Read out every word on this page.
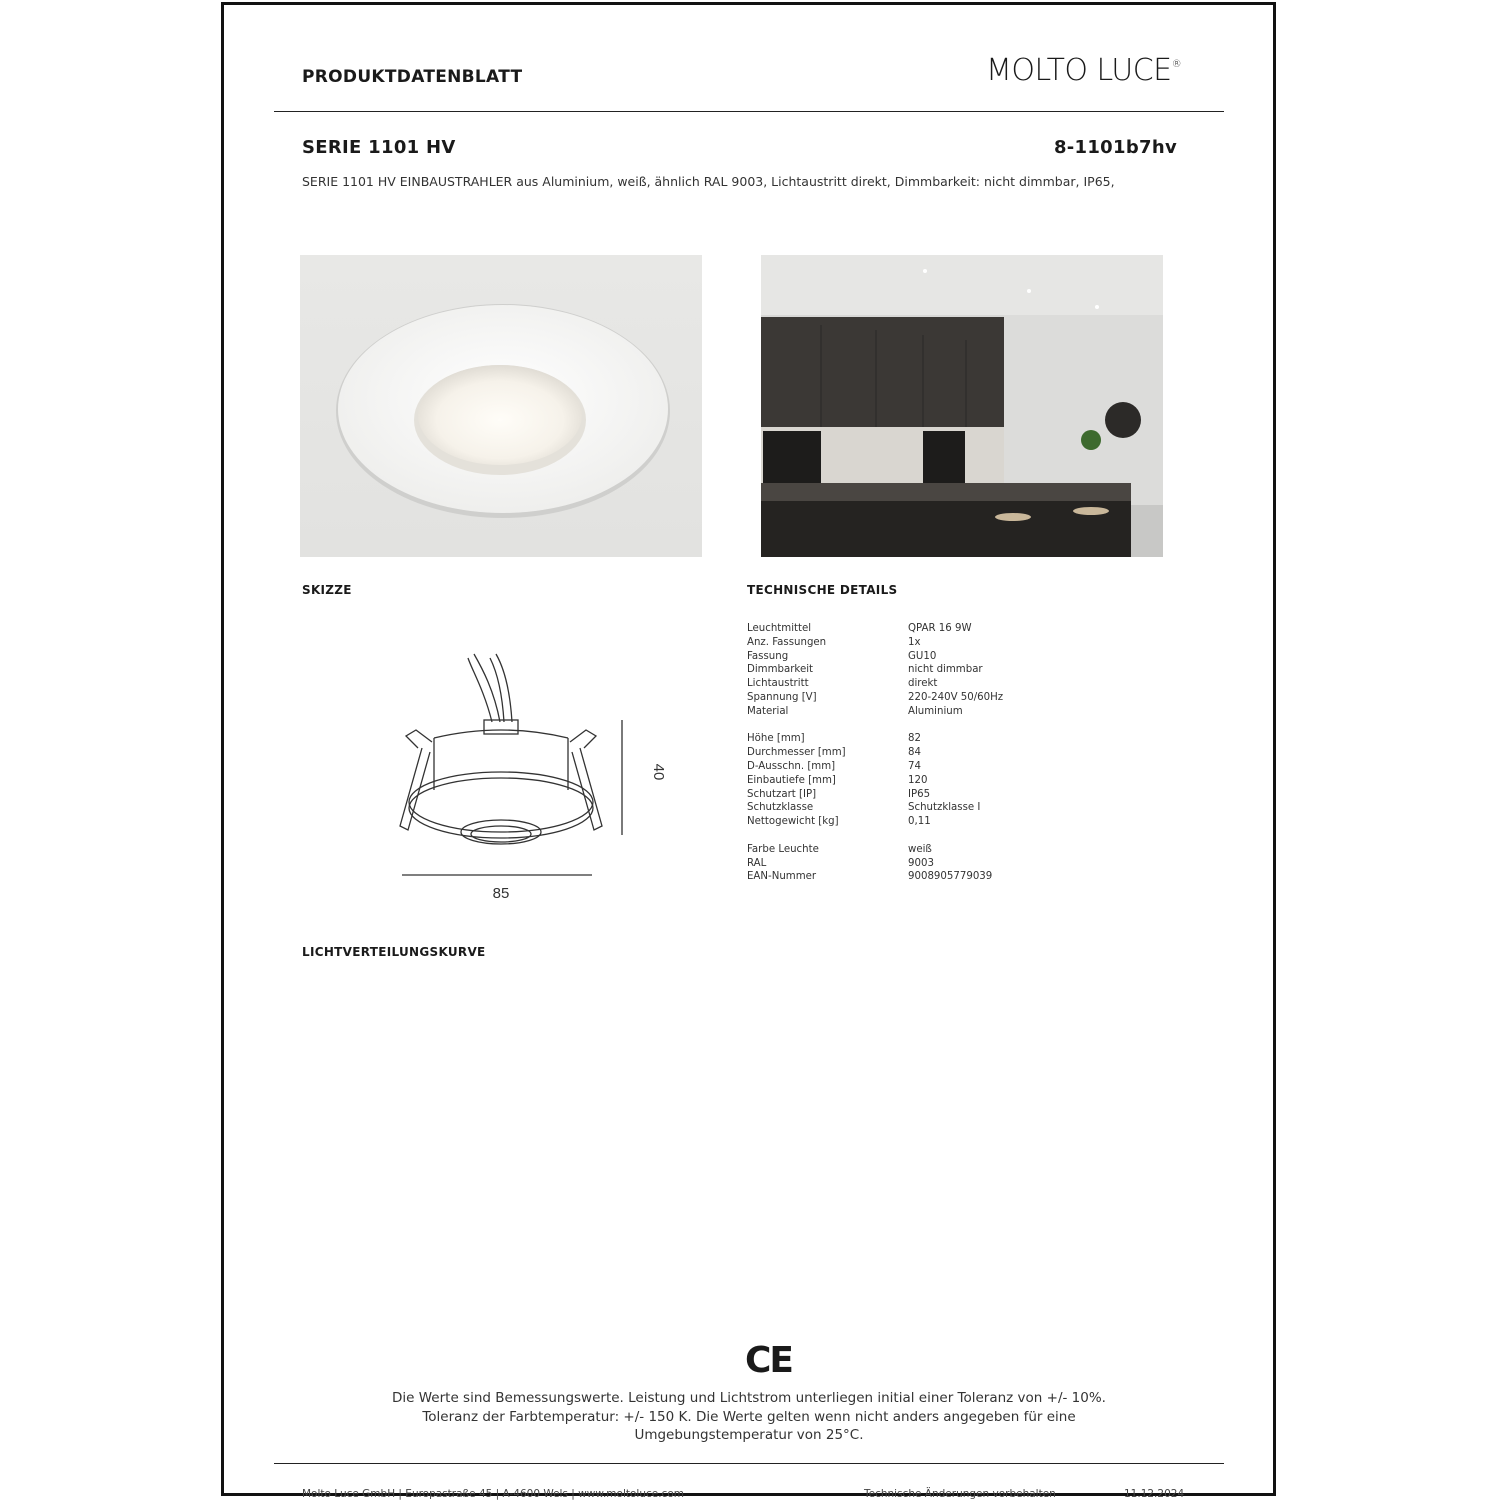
PRODUKTDATENBLATT	MOLTO LUCE®
SERIE 1101 HV	8-1101b7hv
SERIE 1101 HV EINBAUSTRAHLER aus Aluminium, weiß, ähnlich RAL 9003, Lichtaustritt direkt, Dimmbarkeit: nicht dimmbar, IP65,
SKIZZE	TECHNISCHE DETAILS
40
85
Leuchtmittel	QPAR 16 9W
Anz. Fassungen	1x
Fassung	GU10
Dimmbarkeit	nicht dimmbar
Lichtaustritt	direkt
Spannung [V]	220-240V 50/60Hz
Material	Aluminium
Höhe [mm]	82
Durchmesser [mm]	84
D-Ausschn. [mm]	74
Einbautiefe [mm]	120
Schutzart [IP]	IP65
Schutzklasse	Schutzklasse I
Nettogewicht [kg]	0,11
Farbe Leuchte	weiß
RAL	9003
EAN-Nummer	9008905779039
LICHTVERTEILUNGSKURVE
CE
Die Werte sind Bemessungswerte. Leistung und Lichtstrom unterliegen initial einer Toleranz von +/- 10%.
Toleranz der Farbtemperatur: +/- 150 K. Die Werte gelten wenn nicht anders angegeben für eine
Umgebungstemperatur von 25°C.
Molto Luce GmbH | Europastraße 45 | A-4600 Wels | www.moltoluce.com	Technische Änderungen vorbehalten	11.12.2024
